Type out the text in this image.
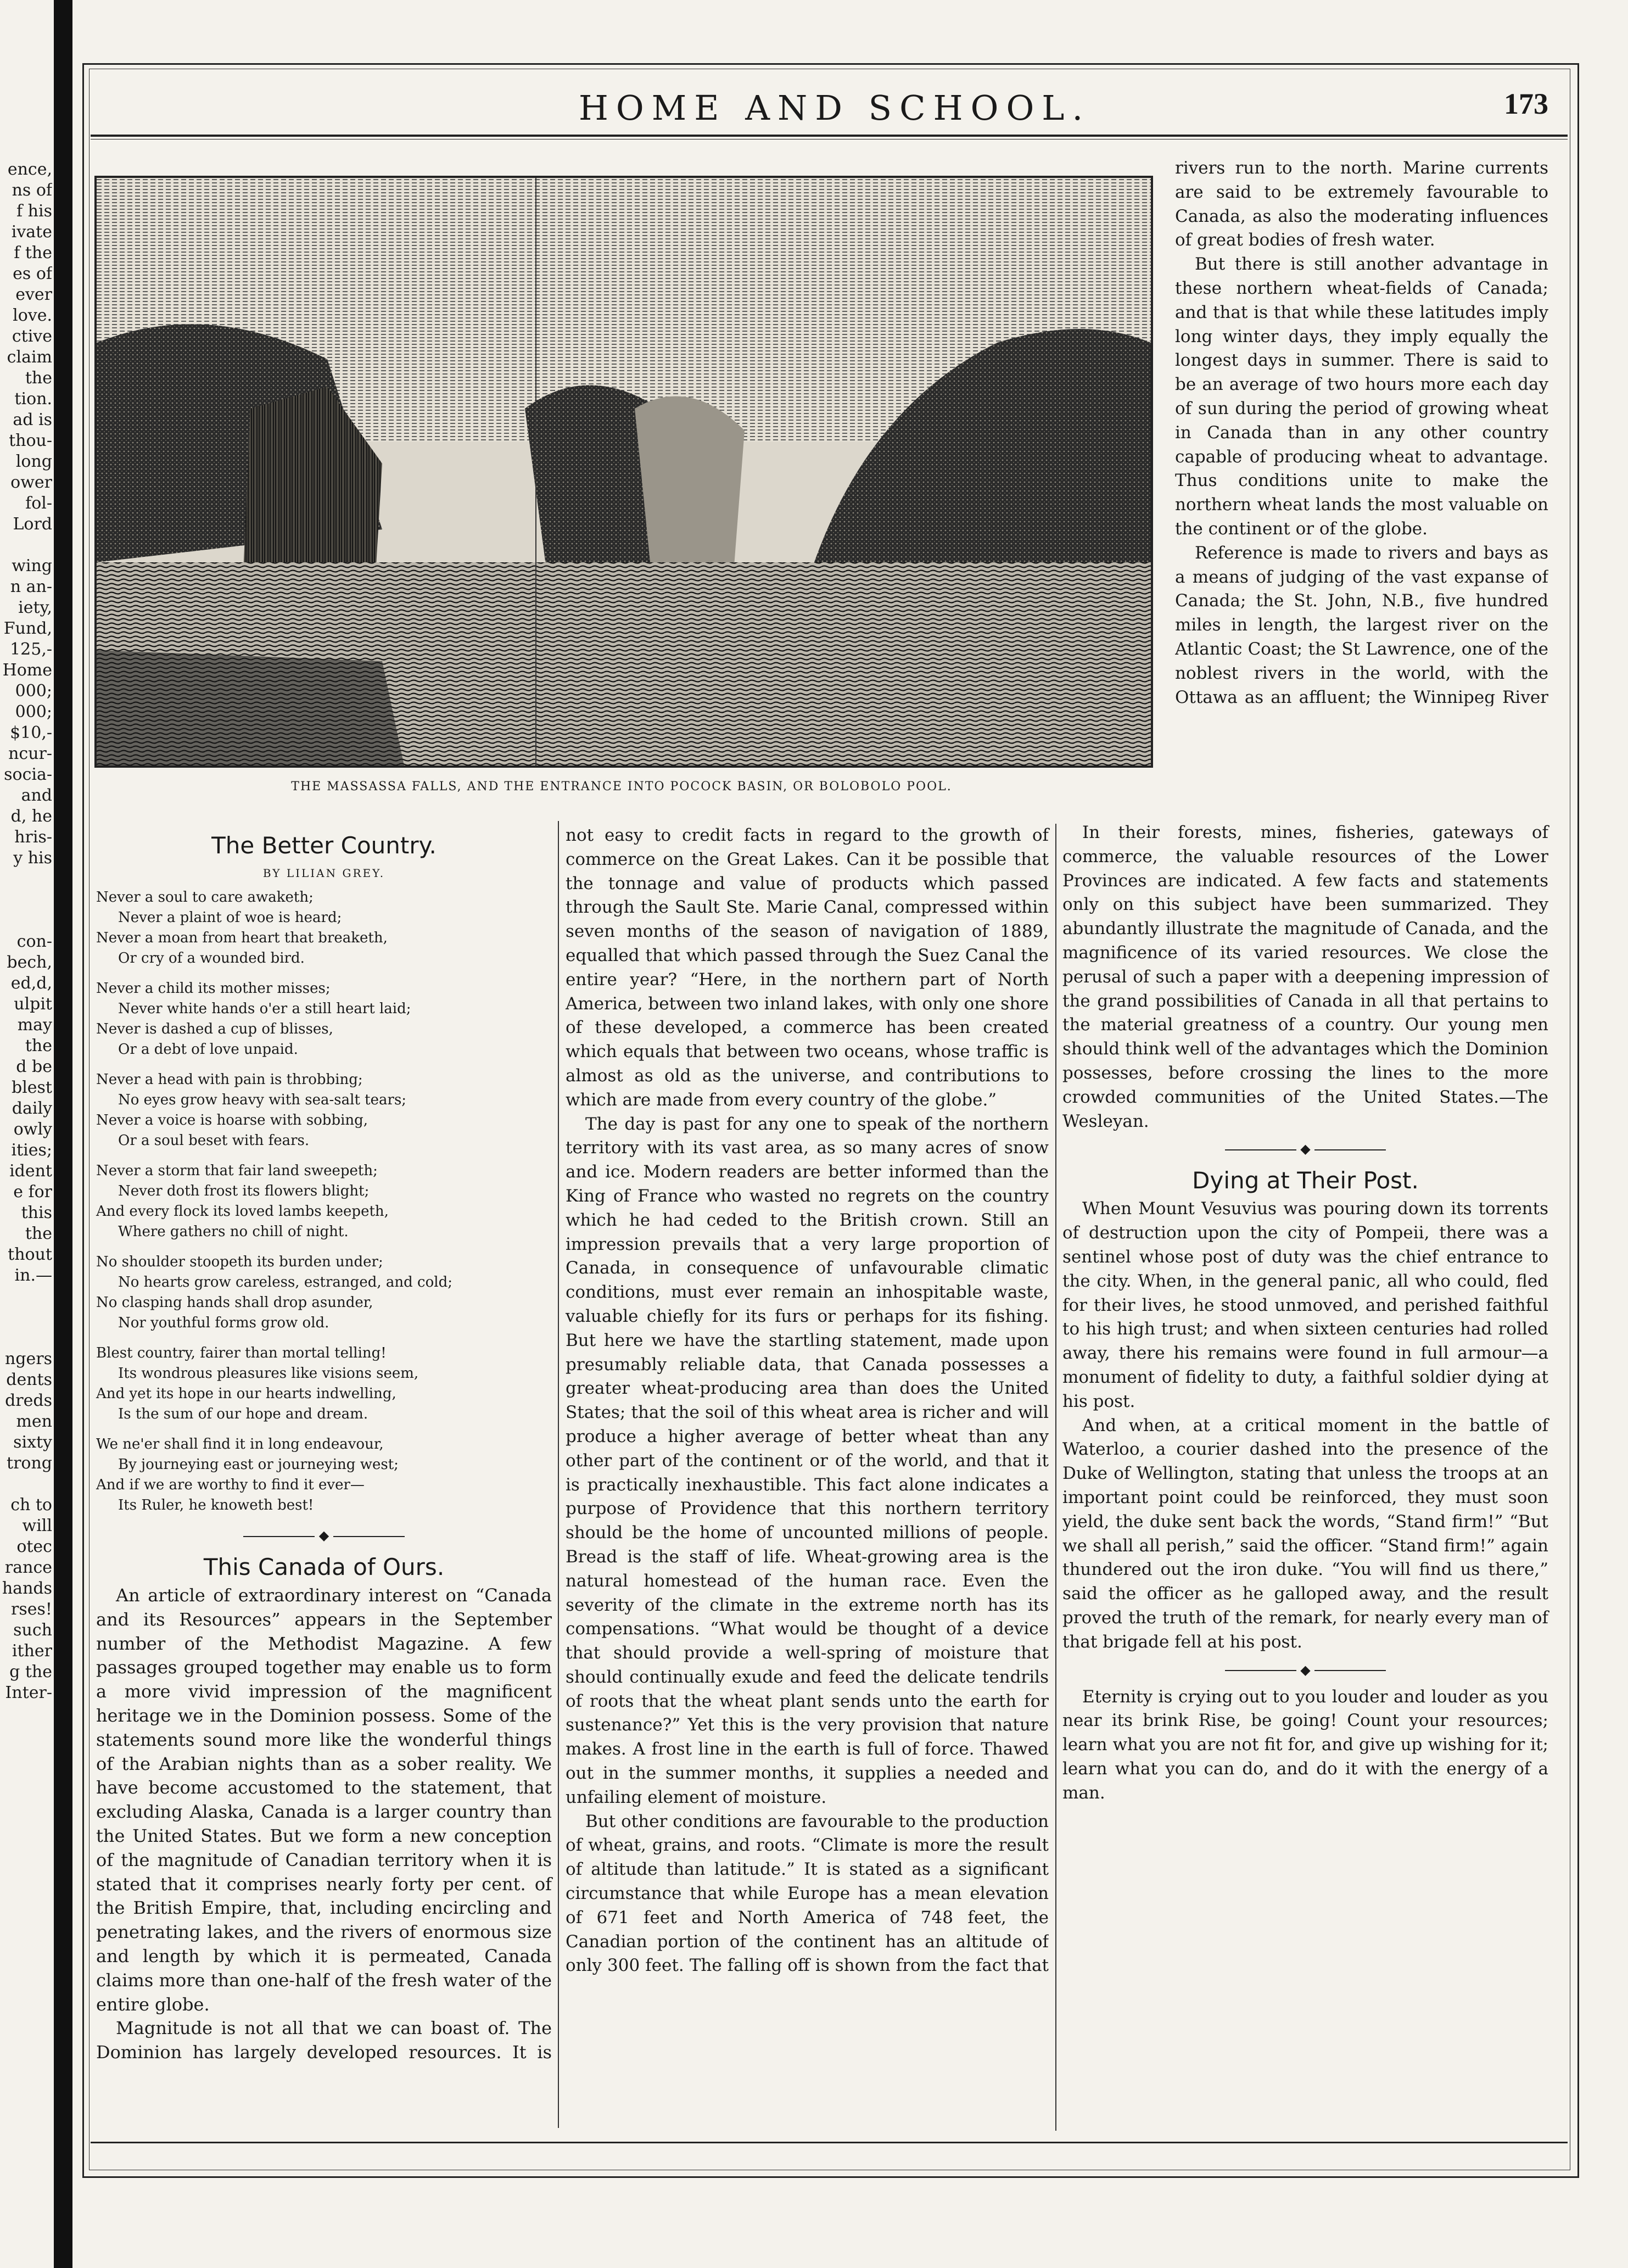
ence,
ns of
f his
ivate
f the
es of
ever
love.
ctive
claim
the
tion.
ad is
thou-
long
ower
fol-
Lord
wing
n an-
iety,
Fund,
125,-
Home
000;
000;
$10,-
ncur-
socia-
and
d, he
hris-
y his
con-
bech,
ed,d,
ulpit
may
the
d be
blest
daily
owly
ities;
ident
e for
this
the
thout
in.—
ngers
dents
dreds
men
sixty
trong
ch to
will
otec
rance
hands
rses!
such
ither
g the
Inter-
HOME AND SCHOOL.	173
THE MASSASSA FALLS, AND THE ENTRANCE INTO POCOCK BASIN, OR BOLOBOLO POOL.
The Better Country.
BY LILIAN GREY.
Never a soul to care awaketh;
Never a plaint of woe is heard;
Never a moan from heart that breaketh,
Or cry of a wounded bird.
Never a child its mother misses;
Never white hands o'er a still heart laid;
Never is dashed a cup of blisses,
Or a debt of love unpaid.
Never a head with pain is throbbing;
No eyes grow heavy with sea-salt tears;
Never a voice is hoarse with sobbing,
Or a soul beset with fears.
Never a storm that fair land sweepeth;
Never doth frost its flowers blight;
And every flock its loved lambs keepeth,
Where gathers no chill of night.
No shoulder stoopeth its burden under;
No hearts grow careless, estranged, and cold;
No clasping hands shall drop asunder,
Nor youthful forms grow old.
Blest country, fairer than mortal telling!
Its wondrous pleasures like visions seem,
And yet its hope in our hearts indwelling,
Is the sum of our hope and dream.
We ne'er shall find it in long endeavour,
By journeying east or journeying west;
And if we are worthy to find it ever—
Its Ruler, he knoweth best!
◆
This Canada of Ours.

An article of extraordinary interest on “Canada and its Resources” appears in the September number of the Methodist Magazine. A few passages grouped together may enable us to form a more vivid impression of the magnificent heritage we in the Dominion possess. Some of the statements sound more like the wonderful things of the Arabian nights than as a sober reality. We have become accustomed to the statement, that excluding Alaska, Canada is a larger country than the United States. But we form a new conception of the magnitude of Canadian territory when it is stated that it comprises nearly forty per cent. of the British Empire, that, including encircling and penetrating lakes, and the rivers of enormous size and length by which it is permeated, Canada claims more than one-half of the fresh water of the entire globe.

Magnitude is not all that we can boast of. The Dominion has largely developed resources. It is

not easy to credit facts in regard to the growth of commerce on the Great Lakes. Can it be possible that the tonnage and value of products which passed through the Sault Ste. Marie Canal, compressed within seven months of the season of navigation of 1889, equalled that which passed through the Suez Canal the entire year? “Here, in the northern part of North America, between two inland lakes, with only one shore of these developed, a commerce has been created which equals that between two oceans, whose traffic is almost as old as the universe, and contributions to which are made from every country of the globe.”

The day is past for any one to speak of the northern territory with its vast area, as so many acres of snow and ice. Modern readers are better informed than the King of France who wasted no regrets on the country which he had ceded to the British crown. Still an impression prevails that a very large proportion of Canada, in consequence of unfavourable climatic conditions, must ever remain an inhospitable waste, valuable chiefly for its furs or perhaps for its fishing. But here we have the startling statement, made upon presumably reliable data, that Canada possesses a greater wheat-producing area than does the United States; that the soil of this wheat area is richer and will produce a higher average of better wheat than any other part of the continent or of the world, and that it is practically inexhaustible. This fact alone indicates a purpose of Providence that this northern territory should be the home of uncounted millions of people. Bread is the staff of life. Wheat-growing area is the natural homestead of the human race. Even the severity of the climate in the extreme north has its compensations. “What would be thought of a device that should provide a well-spring of moisture that should continually exude and feed the delicate tendrils of roots that the wheat plant sends unto the earth for sustenance?” Yet this is the very provision that nature makes. A frost line in the earth is full of force. Thawed out in the summer months, it supplies a needed and unfailing element of moisture.

But other conditions are favourable to the production of wheat, grains, and roots. “Climate is more the result of altitude than latitude.” It is stated as a significant circumstance that while Europe has a mean elevation of 671 feet and North America of 748 feet, the Canadian portion of the continent has an altitude of only 300 feet. The falling off is shown from the fact that

rivers run to the north. Marine currents are said to be extremely favourable to Canada, as also the moderating influences of great bodies of fresh water.

But there is still another advantage in these northern wheat-fields of Canada; and that is that while these latitudes imply long winter days, they imply equally the longest days in summer. There is said to be an average of two hours more each day of sun during the period of growing wheat in Canada than in any other country capable of producing wheat to advantage. Thus conditions unite to make the northern wheat lands the most valuable on the continent or of the globe.

Reference is made to rivers and bays as a means of judging of the vast expanse of Canada; the St. John, N.B., five hundred miles in length, the largest river on the Atlantic Coast; the St Lawrence, one of the noblest rivers in the world, with the Ottawa as an affluent; the Winnipeg River

In their forests, mines, fisheries, gateways of commerce, the valuable resources of the Lower Provinces are indicated. A few facts and statements only on this subject have been summarized. They abundantly illustrate the magnitude of Canada, and the magnificence of its varied resources. We close the perusal of such a paper with a deepening impression of the grand possibilities of Canada in all that pertains to the material greatness of a country. Our young men should think well of the advantages which the Dominion possesses, before crossing the lines to the more crowded communities of the United States.—The Wesleyan.

◆
Dying at Their Post.

When Mount Vesuvius was pouring down its torrents of destruction upon the city of Pompeii, there was a sentinel whose post of duty was the chief entrance to the city. When, in the general panic, all who could, fled for their lives, he stood unmoved, and perished faithful to his high trust; and when sixteen centuries had rolled away, there his remains were found in full armour—a monument of fidelity to duty, a faithful soldier dying at his post.

And when, at a critical moment in the battle of Waterloo, a courier dashed into the presence of the Duke of Wellington, stating that unless the troops at an important point could be reinforced, they must soon yield, the duke sent back the words, “Stand firm!” “But we shall all perish,” said the officer. “Stand firm!” again thundered out the iron duke. “You will find us there,” said the officer as he galloped away, and the result proved the truth of the remark, for nearly every man of that brigade fell at his post.

◆

Eternity is crying out to you louder and louder as you near its brink Rise, be going! Count your resources; learn what you are not fit for, and give up wishing for it; learn what you can do, and do it with the energy of a man.
